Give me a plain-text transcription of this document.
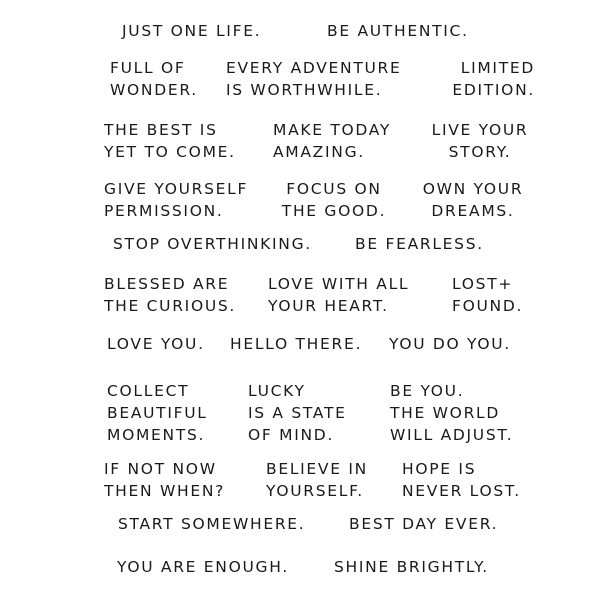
JUST ONE LIFE.	BE AUTHENTIC.
FULL OF
WONDER.
EVERY ADVENTURE
IS WORTHWHILE.
LIMITED
EDITION.
THE BEST IS
YET TO COME.
MAKE TODAY
AMAZING.
LIVE YOUR
STORY.
GIVE YOURSELF
PERMISSION.
FOCUS ON
THE GOOD.
OWN YOUR
DREAMS.
STOP OVERTHINKING.	BE FEARLESS.
BLESSED ARE
THE CURIOUS.
LOVE WITH ALL
YOUR HEART.
LOST+
FOUND.
LOVE YOU. HELLO THERE. YOU DO YOU.
COLLECT
BEAUTIFUL
MOMENTS.
LUCKY
IS A STATE
OF MIND.
BE YOU.
THE WORLD
WILL ADJUST.
IF NOT NOW
THEN WHEN?
BELIEVE IN
YOURSELF.
HOPE IS
NEVER LOST.
START SOMEWHERE.	BEST DAY EVER.
YOU ARE ENOUGH.	SHINE BRIGHTLY.
